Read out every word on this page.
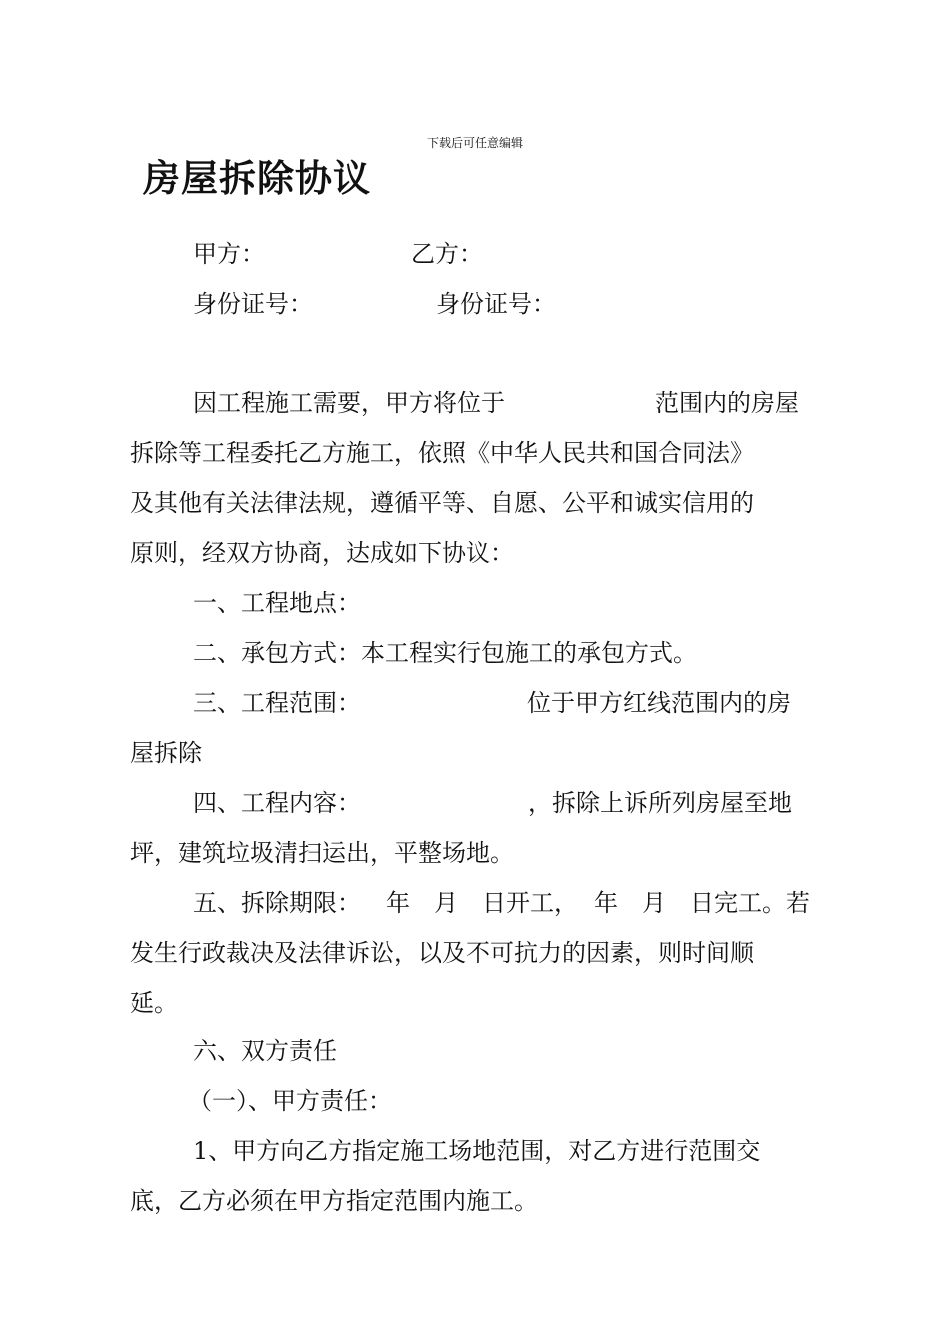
下载后可任意编辑
房屋拆除协议
甲方：	乙方：
身份证号：	身份证号：
因工程施工需要，甲方将位于	范围内的房屋
拆除等工程委托乙方施工，依照《中华人民共和国合同法》
及其他有关法律法规，遵循平等、自愿、公平和诚实信用的
原则，经双方协商，达成如下协议：
一、工程地点：
二、承包方式：本工程实行包施工的承包方式。
三、工程范围：	位于甲方红线范围内的房
屋拆除
四、工程内容：	，拆除上诉所列房屋至地
坪，建筑垃圾清扫运出，平整场地。
五、拆除期限： 年　月　日开工， 年　月　日完工。若
发生行政裁决及法律诉讼，以及不可抗力的因素，则时间顺
延。
六、双方责任
（一）、甲方责任：
1、甲方向乙方指定施工场地范围，对乙方进行范围交
底，乙方必须在甲方指定范围内施工。
